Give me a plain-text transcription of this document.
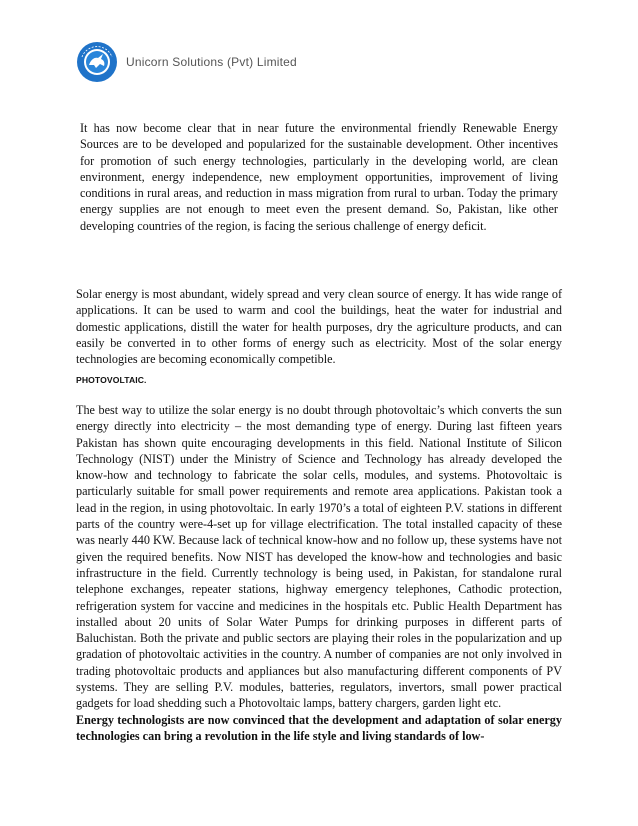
Unicorn Solutions (Pvt) Limited

It has now become clear that in near future the environmental friendly Renewable Energy Sources are to be developed and popularized for the sustainable development. Other incentives for promotion of such energy technologies, particularly in the developing world, are clean environment, energy independence, new employment opportunities, improvement of living conditions in rural areas, and reduction in mass migration from rural to urban. Today the primary energy supplies are not enough to meet even the present demand. So, Pakistan, like other developing countries of the region, is facing the serious challenge of energy deficit.

Solar energy is most abundant, widely spread and very clean source of energy. It has wide range of applications. It can be used to warm and cool the buildings, heat the water for industrial and domestic applications, distill the water for health purposes, dry the agriculture products, and can easily be converted in to other forms of energy such as electricity. Most of the solar energy technologies are becoming economically competible.

PHOTOVOLTAIC.

The best way to utilize the solar energy is no doubt through photovoltaic’s which converts the sun energy directly into electricity – the most demanding type of energy. During last fifteen years Pakistan has shown quite encouraging developments in this field. National Institute of Silicon Technology (NIST) under the Ministry of Science and Technology has already developed the know-how and technology to fabricate the solar cells, modules, and systems. Photovoltaic is particularly suitable for small power requirements and remote area applications. Pakistan took a lead in the region, in using photovoltaic. In early 1970’s a total of eighteen P.V. stations in different parts of the country were-4-set up for village electrification. The total installed capacity of these was nearly 440 KW. Because lack of technical know-how and no follow up, these systems have not given the required benefits. Now NIST has developed the know-how and technologies and basic infrastructure in the field. Currently technology is being used, in Pakistan, for standalone rural telephone exchanges, repeater stations, highway emergency telephones, Cathodic protection, refrigeration system for vaccine and medicines in the hospitals etc. Public Health Department has installed about 20 units of Solar Water Pumps for drinking purposes in different parts of Baluchistan. Both the private and public sectors are playing their roles in the popularization and up gradation of photovoltaic activities in the country. A number of companies are not only involved in trading photovoltaic products and appliances but also manufacturing different components of PV systems. They are selling P.V. modules, batteries, regulators, invertors, small power practical gadgets for load shedding such a Photovoltaic lamps, battery chargers, garden light etc.

Energy technologists are now convinced that the development and adaptation of solar energy technologies can bring a revolution in the life style and living standards of low-
